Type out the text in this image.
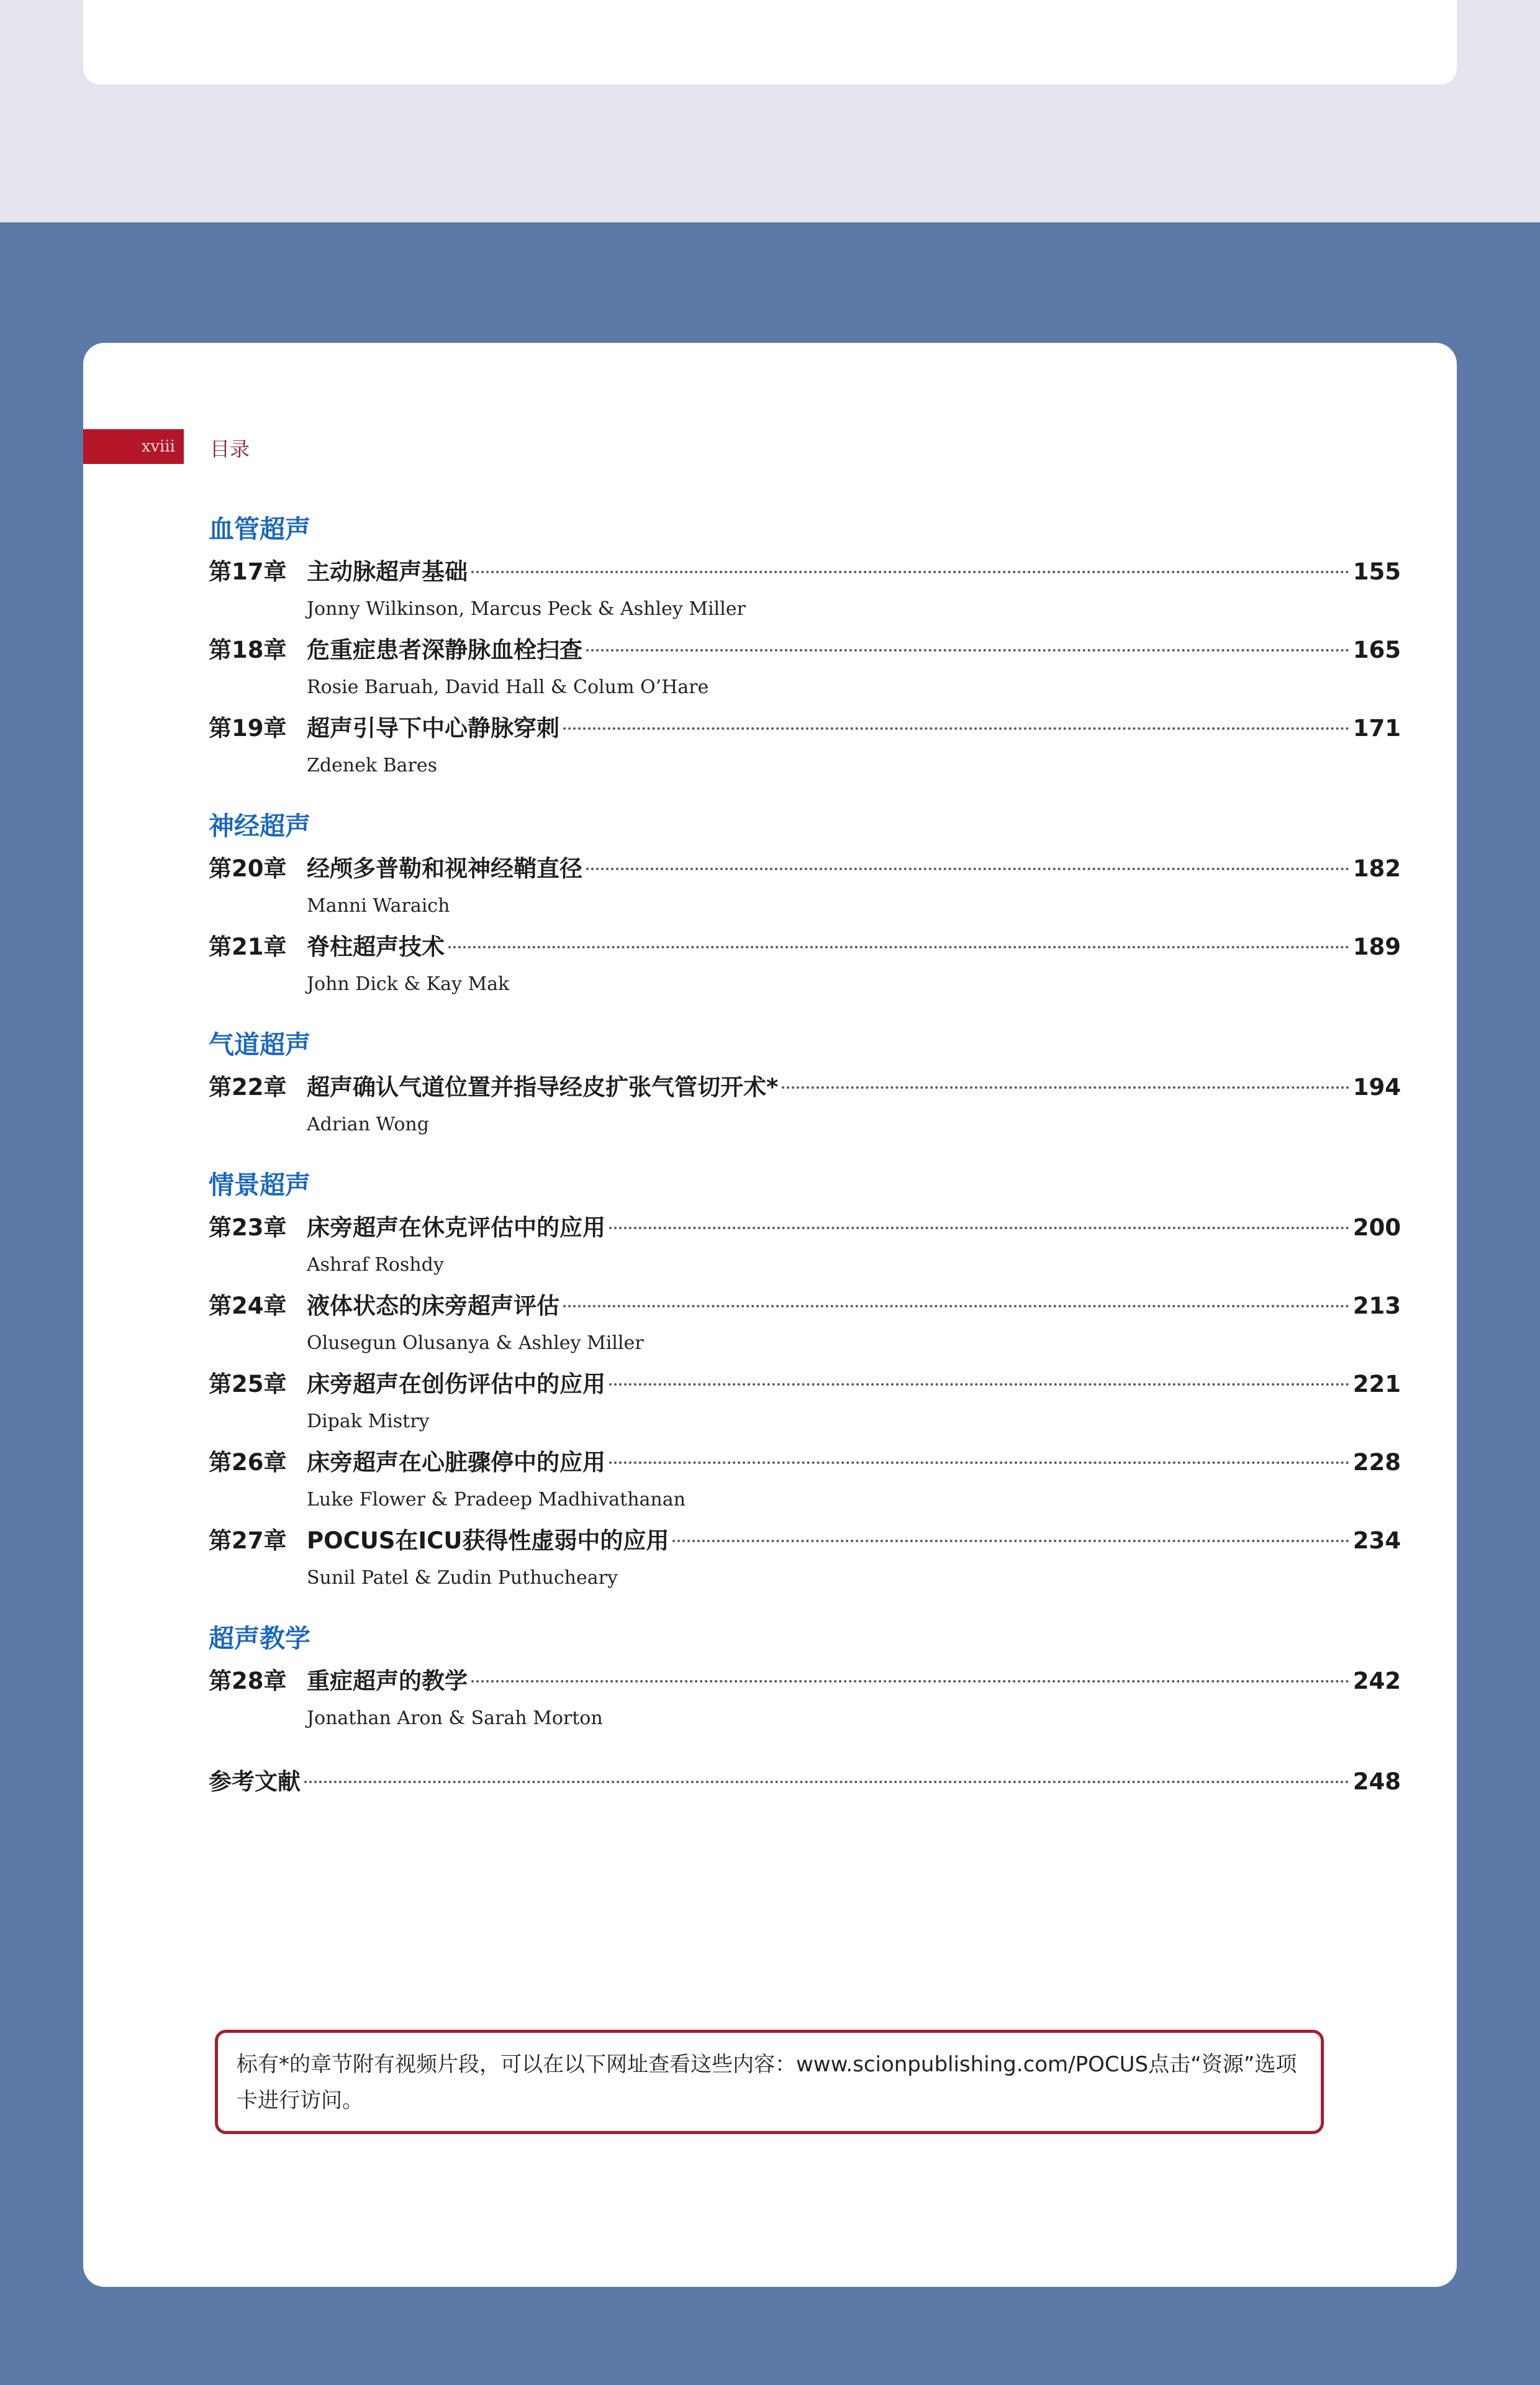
xviii	目录
血管超声
第17章 主动脉超声基础	155
Jonny Wilkinson, Marcus Peck & Ashley Miller
第18章 危重症患者深静脉血栓扫查	165
Rosie Baruah, David Hall & Colum O’Hare
第19章 超声引导下中心静脉穿刺	171
Zdenek Bares
神经超声
第20章 经颅多普勒和视神经鞘直径	182
Manni Waraich
第21章 脊柱超声技术	189
John Dick & Kay Mak
气道超声
第22章 超声确认气道位置并指导经皮扩张气管切开术*	194
Adrian Wong
情景超声
第23章 床旁超声在休克评估中的应用	200
Ashraf Roshdy
第24章 液体状态的床旁超声评估	213
Olusegun Olusanya & Ashley Miller
第25章 床旁超声在创伤评估中的应用	221
Dipak Mistry
第26章 床旁超声在心脏骤停中的应用	228
Luke Flower & Pradeep Madhivathanan
第27章 POCUS在ICU获得性虚弱中的应用	234
Sunil Patel & Zudin Puthucheary
超声教学
第28章 重症超声的教学	242
Jonathan Aron & Sarah Morton
参考文献	248
标有*的章节附有视频片段，可以在以下网址查看这些内容：www.scionpublishing.com/POCUS点击“资源”选项卡进行访问。
